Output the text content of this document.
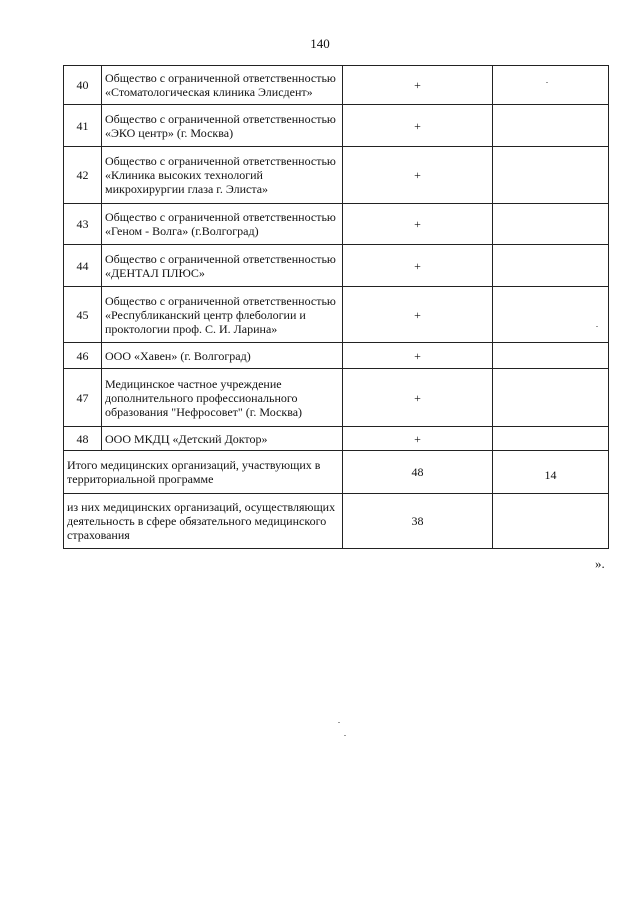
140
40	Общество с ограниченной ответственностью «Стоматологическая клиника Элисдент»	+	
41	Общество с ограниченной ответственностью «ЭКО центр» (г. Москва)	+	
42	Общество с ограниченной ответственностью «Клиника высоких технологий микрохирургии глаза г. Элиста»	+	
43	Общество с ограниченной ответственностью «Геном - Волга» (г.Волгоград)	+	
44	Общество с ограниченной ответственностью «ДЕНТАЛ ПЛЮС»	+	
45	Общество с ограниченной ответственностью «Республиканский центр флебологии и проктологии проф. С. И. Ларина»	+	
46	ООО «Хавен» (г. Волгоград)	+	
47	Медицинское частное учреждение дополнительного профессионального образования "Нефросовет" (г. Москва)	+	
48	ООО МКДЦ «Детский Доктор»	+	
Итого медицинских организаций, участвующих в территориальной программе		48	14
из них медицинских организаций, осуществляющих деятельность в сфере обязательного медицинского страхования		38	
».
